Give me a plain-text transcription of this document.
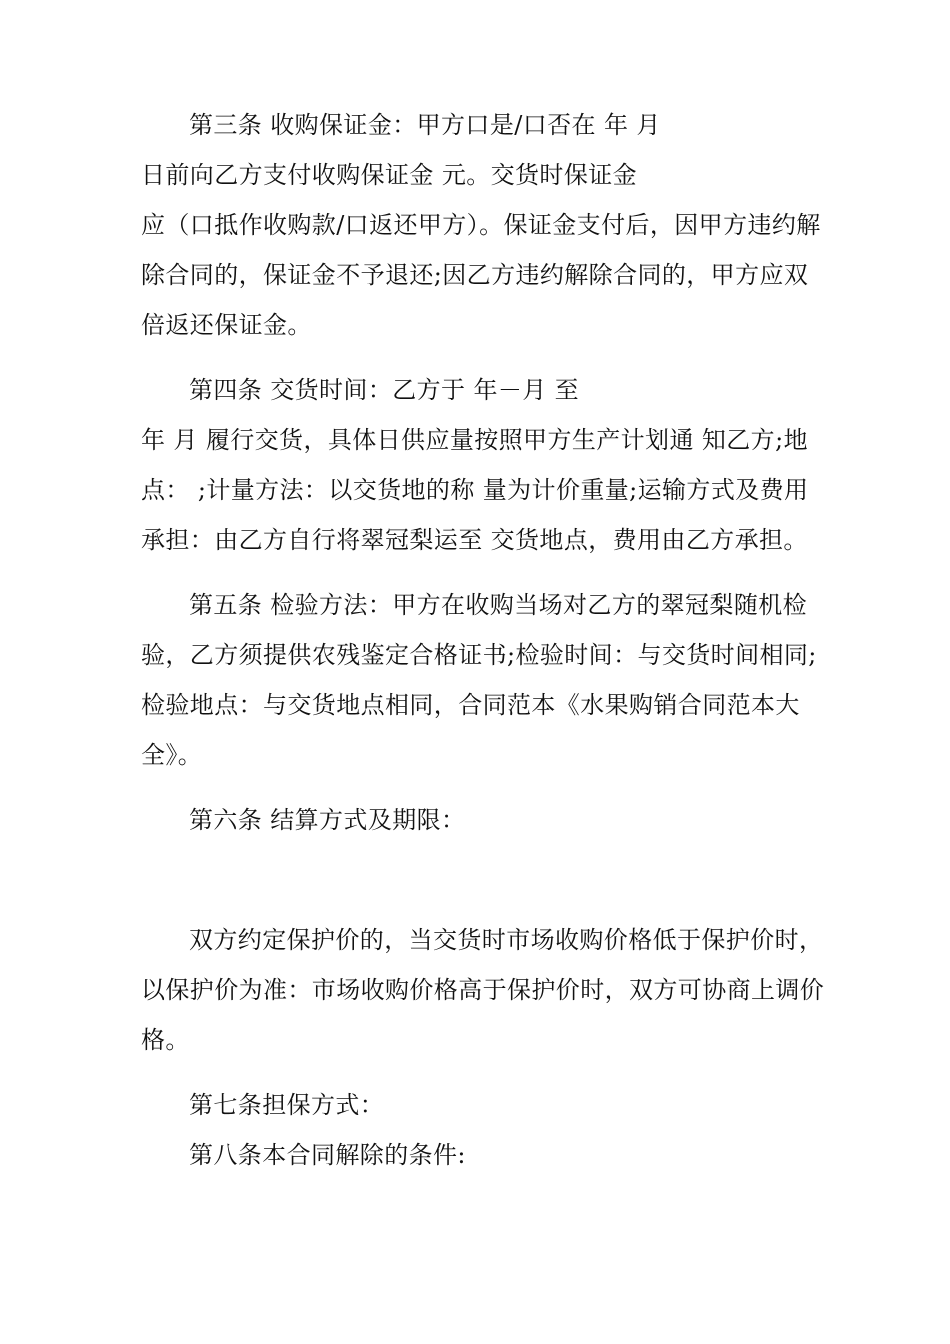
第三条 收购保证金：甲方口是/口否在 年 月
日前向乙方支付收购保证金 元。交货时保证金
应（口抵作收购款/口返还甲方）。保证金支付后，因甲方违约解
除合同的，保证金不予退还;因乙方违约解除合同的，甲方应双
倍返还保证金。
第四条 交货时间：乙方于 年－月 至
年 月 履行交货，具体日供应量按照甲方生产计划通 知乙方;地
点： ;计量方法：以交货地的称 量为计价重量;运输方式及费用
承担：由乙方自行将翠冠梨运至 交货地点，费用由乙方承担。
第五条 检验方法：甲方在收购当场对乙方的翠冠梨随机检
验，乙方须提供农残鉴定合格证书;检验时间：与交货时间相同;
检验地点：与交货地点相同，合同范本《水果购销合同范本大
全》。
第六条 结算方式及期限：
双方约定保护价的，当交货时市场收购价格低于保护价时，
以保护价为准：市场收购价格高于保护价时，双方可协商上调价
格。
第七条担保方式：
第八条本合同解除的条件:
